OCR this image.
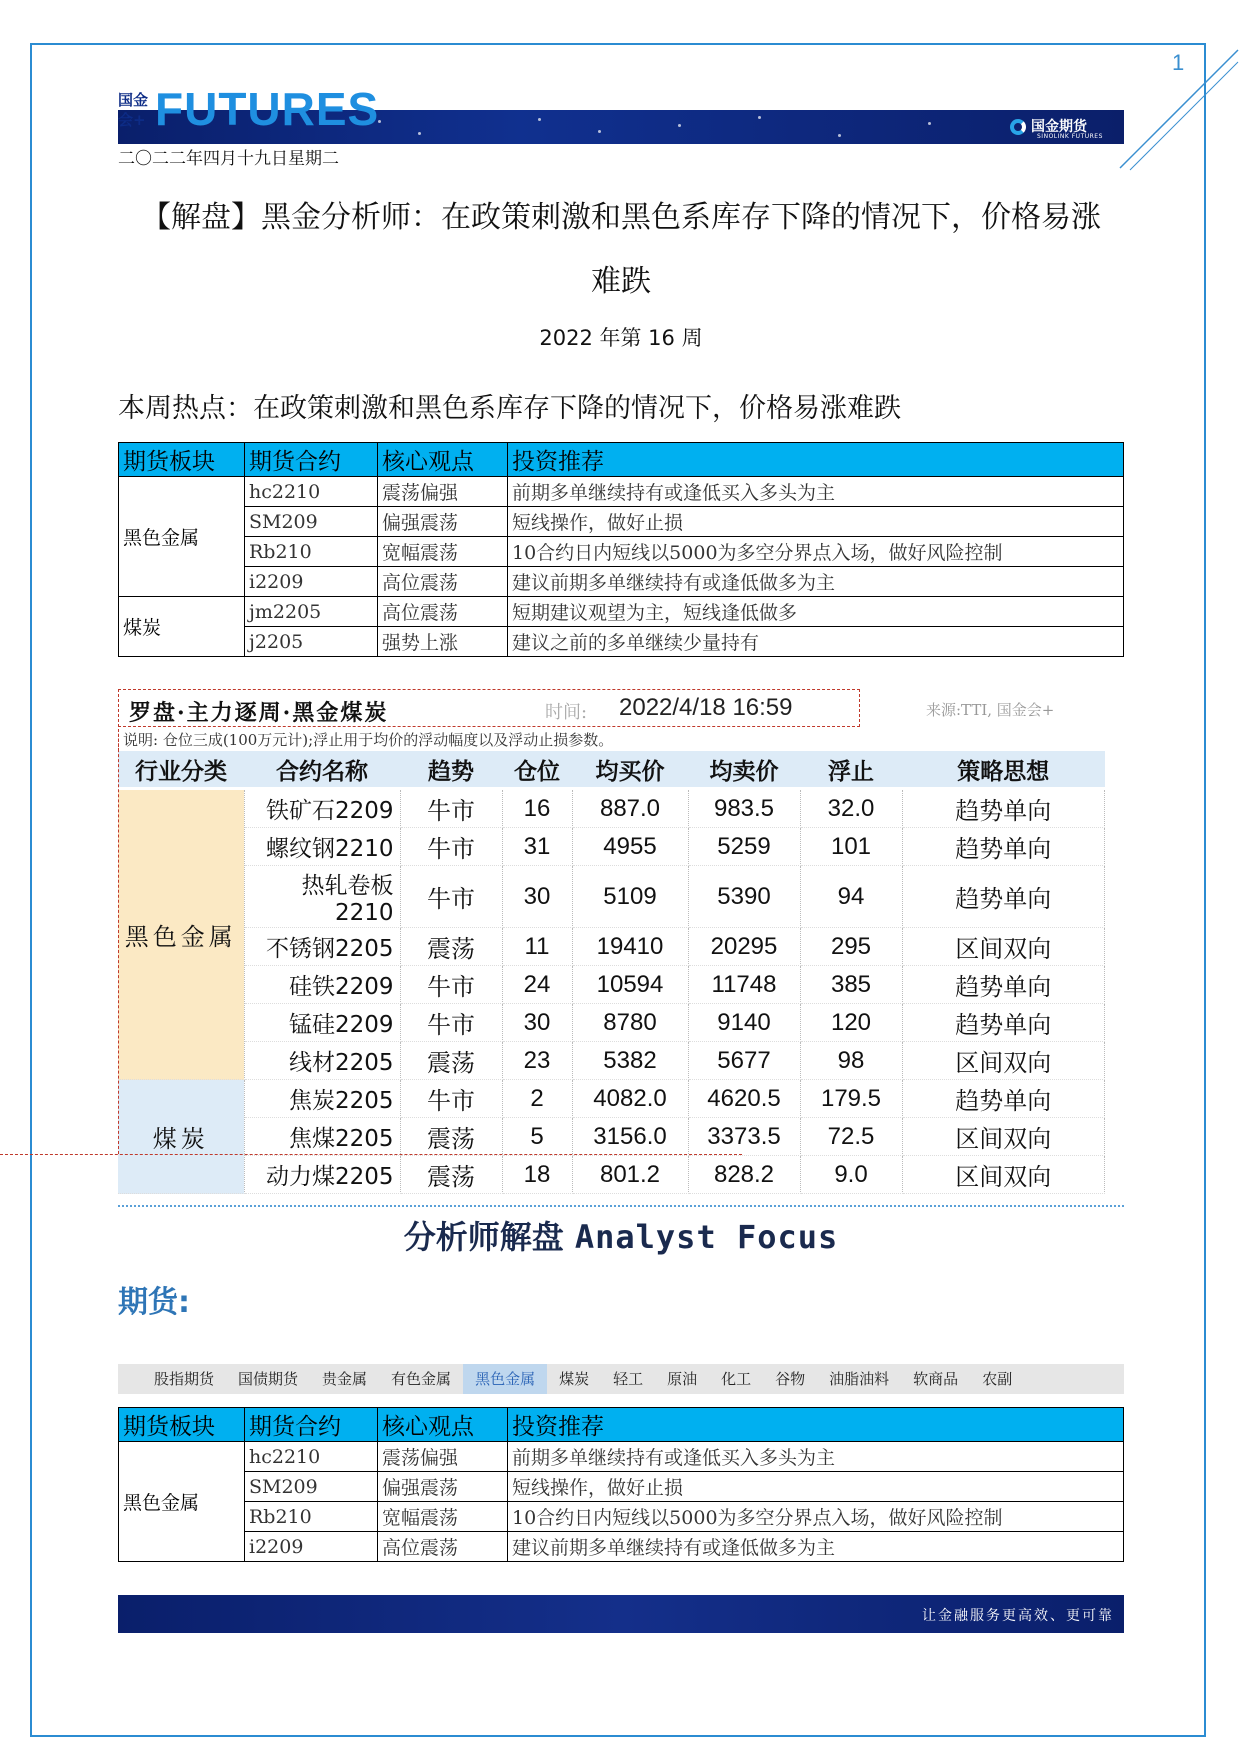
1
国金会+ FUTURES	国金期货
SINOLINK FUTURES
二〇二二年四月十九日星期二
【解盘】黑金分析师：在政策刺激和黑色系库存下降的情况下，价格易涨
难跌
2022 年第 16 周
本周热点：在政策刺激和黑色系库存下降的情况下，价格易涨难跌
期货板块	期货合约	核心观点	投资推荐
黑色金属	hc2210	震荡偏强	前期多单继续持有或逢低买入多头为主
	SM209	偏强震荡	短线操作，做好止损
	Rb210	宽幅震荡	10合约日内短线以5000为多空分界点入场，做好风险控制
	i2209	高位震荡	建议前期多单继续持有或逢低做多为主
煤炭	jm2205	高位震荡	短期建议观望为主，短线逢低做多
	j2205	强势上涨	建议之前的多单继续少量持有
罗盘·主力逐周·黑金煤炭	时间: 2022/4/18 16:59	来源:TTI, 国金会+
说明: 仓位三成(100万元计);浮止用于均价的浮动幅度以及浮动止损参数。
行业分类	合约名称	趋势	仓位	均买价	均卖价	浮止	策略思想
黑色金属	铁矿石2209	牛市	16	887.0	983.5	32.0	趋势单向
	螺纹钢2210	牛市	31	4955	5259	101	趋势单向
	热轧卷板2210	牛市	30	5109	5390	94	趋势单向
	不锈钢2205	震荡	11	19410	20295	295	区间双向
	硅铁2209	牛市	24	10594	11748	385	趋势单向
	锰硅2209	牛市	30	8780	9140	120	趋势单向
	线材2205	震荡	23	5382	5677	98	区间双向
煤炭	焦炭2205	牛市	2	4082.0	4620.5	179.5	趋势单向
	焦煤2205	震荡	5	3156.0	3373.5	72.5	区间双向
	动力煤2205	震荡	18	801.2	828.2	9.0	区间双向
分析师解盘 Analyst Focus
期货:
股指期货	国债期货	贵金属	有色金属	黑色金属	煤炭	轻工	原油	化工	谷物	油脂油料	软商品	农副
期货板块	期货合约	核心观点	投资推荐
黑色金属	hc2210	震荡偏强	前期多单继续持有或逢低买入多头为主
	SM209	偏强震荡	短线操作，做好止损
	Rb210	宽幅震荡	10合约日内短线以5000为多空分界点入场，做好风险控制
	i2209	高位震荡	建议前期多单继续持有或逢低做多为主
让金融服务更高效、更可靠
